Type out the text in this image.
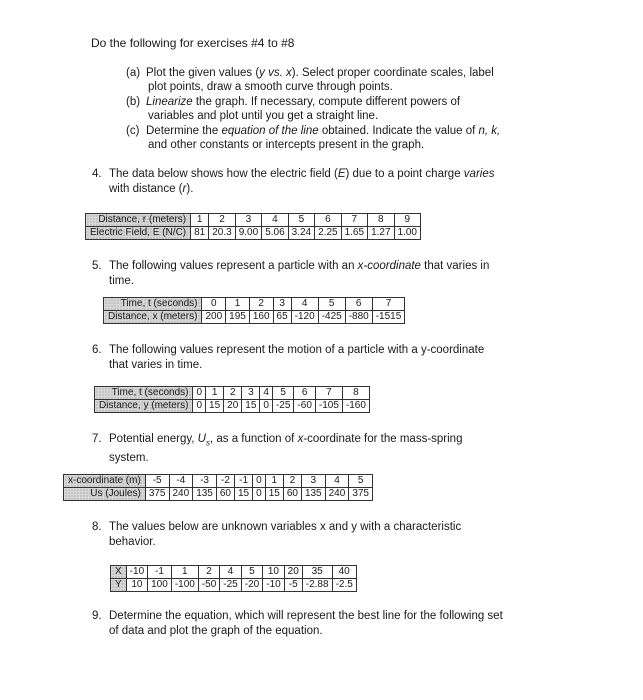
Do the following for exercises #4 to #8
(a) Plot the given values (y vs. x). Select proper coordinate scales, label
plot points, draw a smooth curve through points.
(b) Linearize the graph. If necessary, compute different powers of
variables and plot until you get a straight line.
(c) Determine the equation of the line obtained. Indicate the value of n, k,
and other constants or intercepts present in the graph.
4. The data below shows how the electric field (E) due to a point charge varies
with distance (r).
Distance, r (meters)	1	2	3	4	5	6	7	8	9
Electric Field, E (N/C)	81	20.3	9.00	5.06	3.24	2.25	1.65	1.27	1.00
5. The following values represent a particle with an x-coordinate that varies in
time.
Time, t (seconds)	0	1	2	3	4	5	6	7
Distance, x (meters)	200	195	160	65	-120	-425	-880	-1515
6. The following values represent the motion of a particle with a y-coordinate
that varies in time.
Time, t (seconds)	0	1	2	3	4	5	6	7	8
Distance, y (meters)	0	15	20	15	0	-25	-60	-105	-160
7. Potential energy, $U_s$, as a function of x-coordinate for the mass-spring
system.
x-coordinate (m)	-5	-4	-3	-2	-1	0	1	2	3	4	5
Us (Joules)	375	240	135	60	15	0	15	60	135	240	375
8. The values below are unknown variables x and y with a characteristic
behavior.
X	-10	-1	1	2	4	5	10	20	35	40
Y	10	100	-100	-50	-25	-20	-10	-5	-2.88	-2.5
9. Determine the equation, which will represent the best line for the following set
of data and plot the graph of the equation.
